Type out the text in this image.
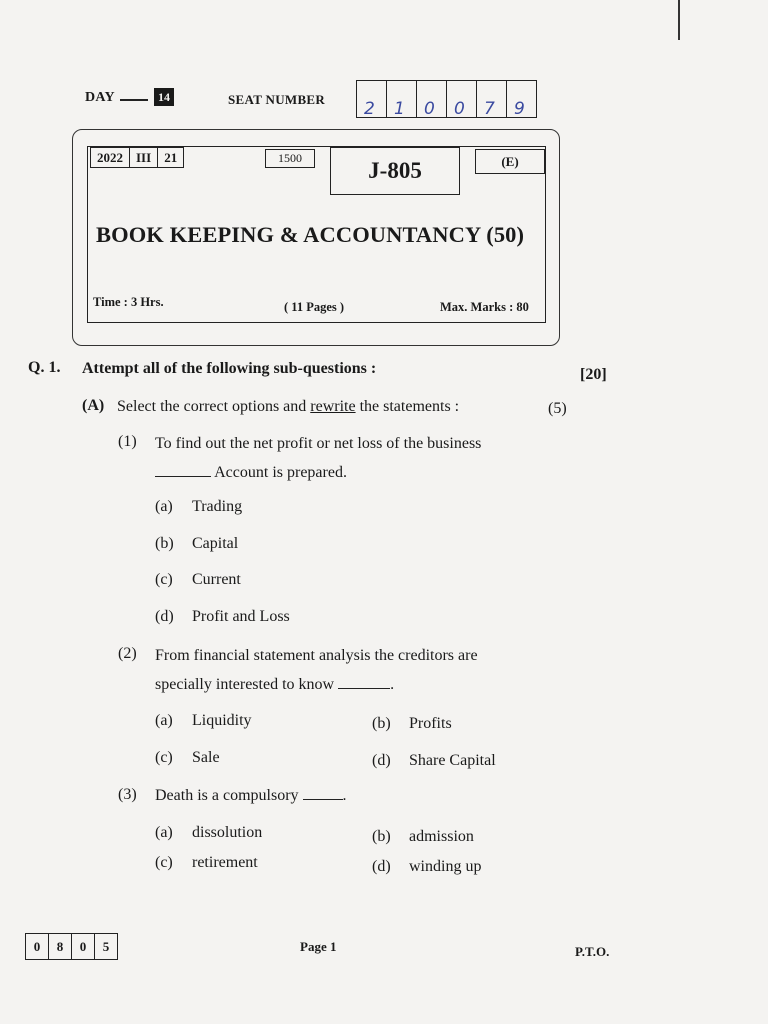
DAY	14	SEAT NUMBER 2 1 0 0 7 9
2022	III	21	1500	J-805	(E)
BOOK KEEPING & ACCOUNTANCY (50)
Time : 3 Hrs.	( 11 Pages )	Max. Marks : 80
Q. 1. Attempt all of the following sub-questions :	[20]
(A) Select the correct options and rewrite the statements :	(5)
(1) To find out the net profit or net loss of the business
Account is prepared.
(a) Trading
(b) Capital
(c) Current
(d) Profit and Loss
(2) From financial statement analysis the creditors are
specially interested to know	.
(a) Liquidity	(b) Profits
(c) Sale	(d) Share Capital
(3) Death is a compulsory	.
(a) dissolution	(b) admission
(c) retirement	(d) winding up
0	8	0	5	Page 1	P.T.O.
